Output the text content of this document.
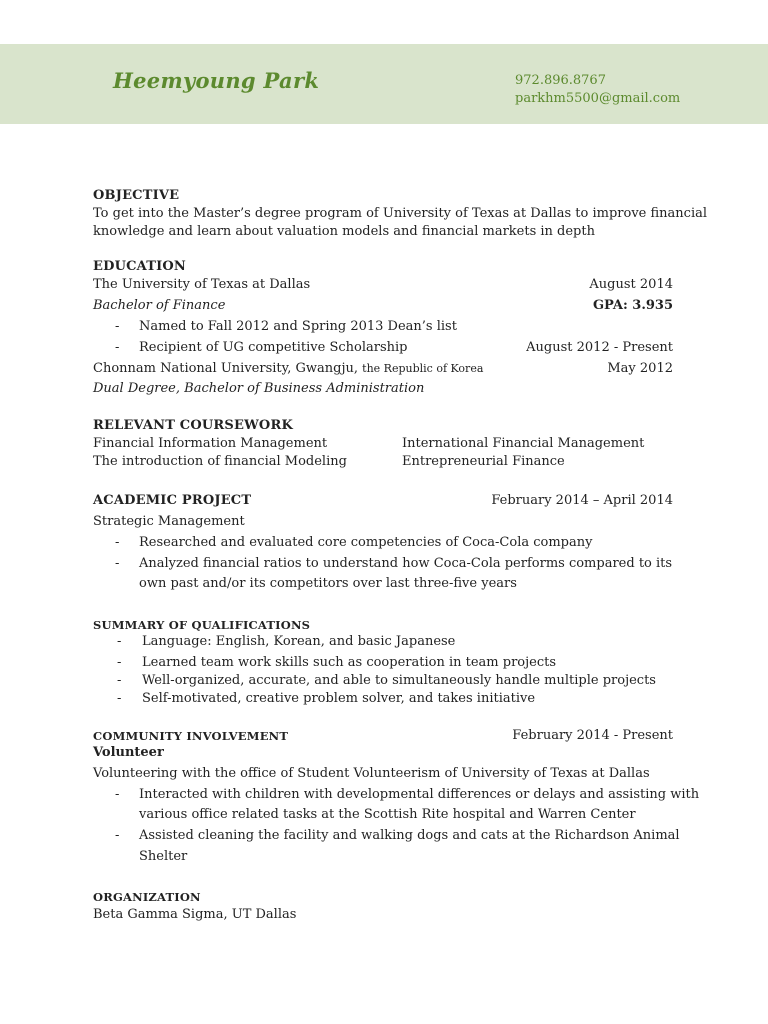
Heemyoung Park	972.896.8767
parkhm5500@gmail.com
OBJECTIVE
To get into the Master’s degree program of University of Texas at Dallas to improve financial
knowledge and learn about valuation models and financial markets in depth
EDUCATION
The University of Texas at Dallas	August 2014
Bachelor of Finance	GPA: 3.935
- Named to Fall 2012 and Spring 2013 Dean’s list
- Recipient of UG competitive Scholarship	August 2012 - Present
Chonnam National University, Gwangju, the Republic of Korea	May 2012
Dual Degree, Bachelor of Business Administration
RELEVANT COURSEWORK
Financial Information Management	International Financial Management
The introduction of financial Modeling	Entrepreneurial Finance
ACADEMIC PROJECT	February 2014 – April 2014
Strategic Management
- Researched and evaluated core competencies of Coca-Cola company
- Analyzed financial ratios to understand how Coca-Cola performs compared to its
own past and/or its competitors over last three-five years
SUMMARY OF QUALIFICATIONS
- Language: English, Korean, and basic Japanese
- Learned team work skills such as cooperation in team projects
- Well-organized, accurate, and able to simultaneously handle multiple projects
- Self-motivated, creative problem solver, and takes initiative
COMMUNITY INVOLVEMENT	February 2014 - Present
Volunteer
Volunteering with the office of Student Volunteerism of University of Texas at Dallas
- Interacted with children with developmental differences or delays and assisting with
various office related tasks at the Scottish Rite hospital and Warren Center
- Assisted cleaning the facility and walking dogs and cats at the Richardson Animal
Shelter
ORGANIZATION
Beta Gamma Sigma, UT Dallas
